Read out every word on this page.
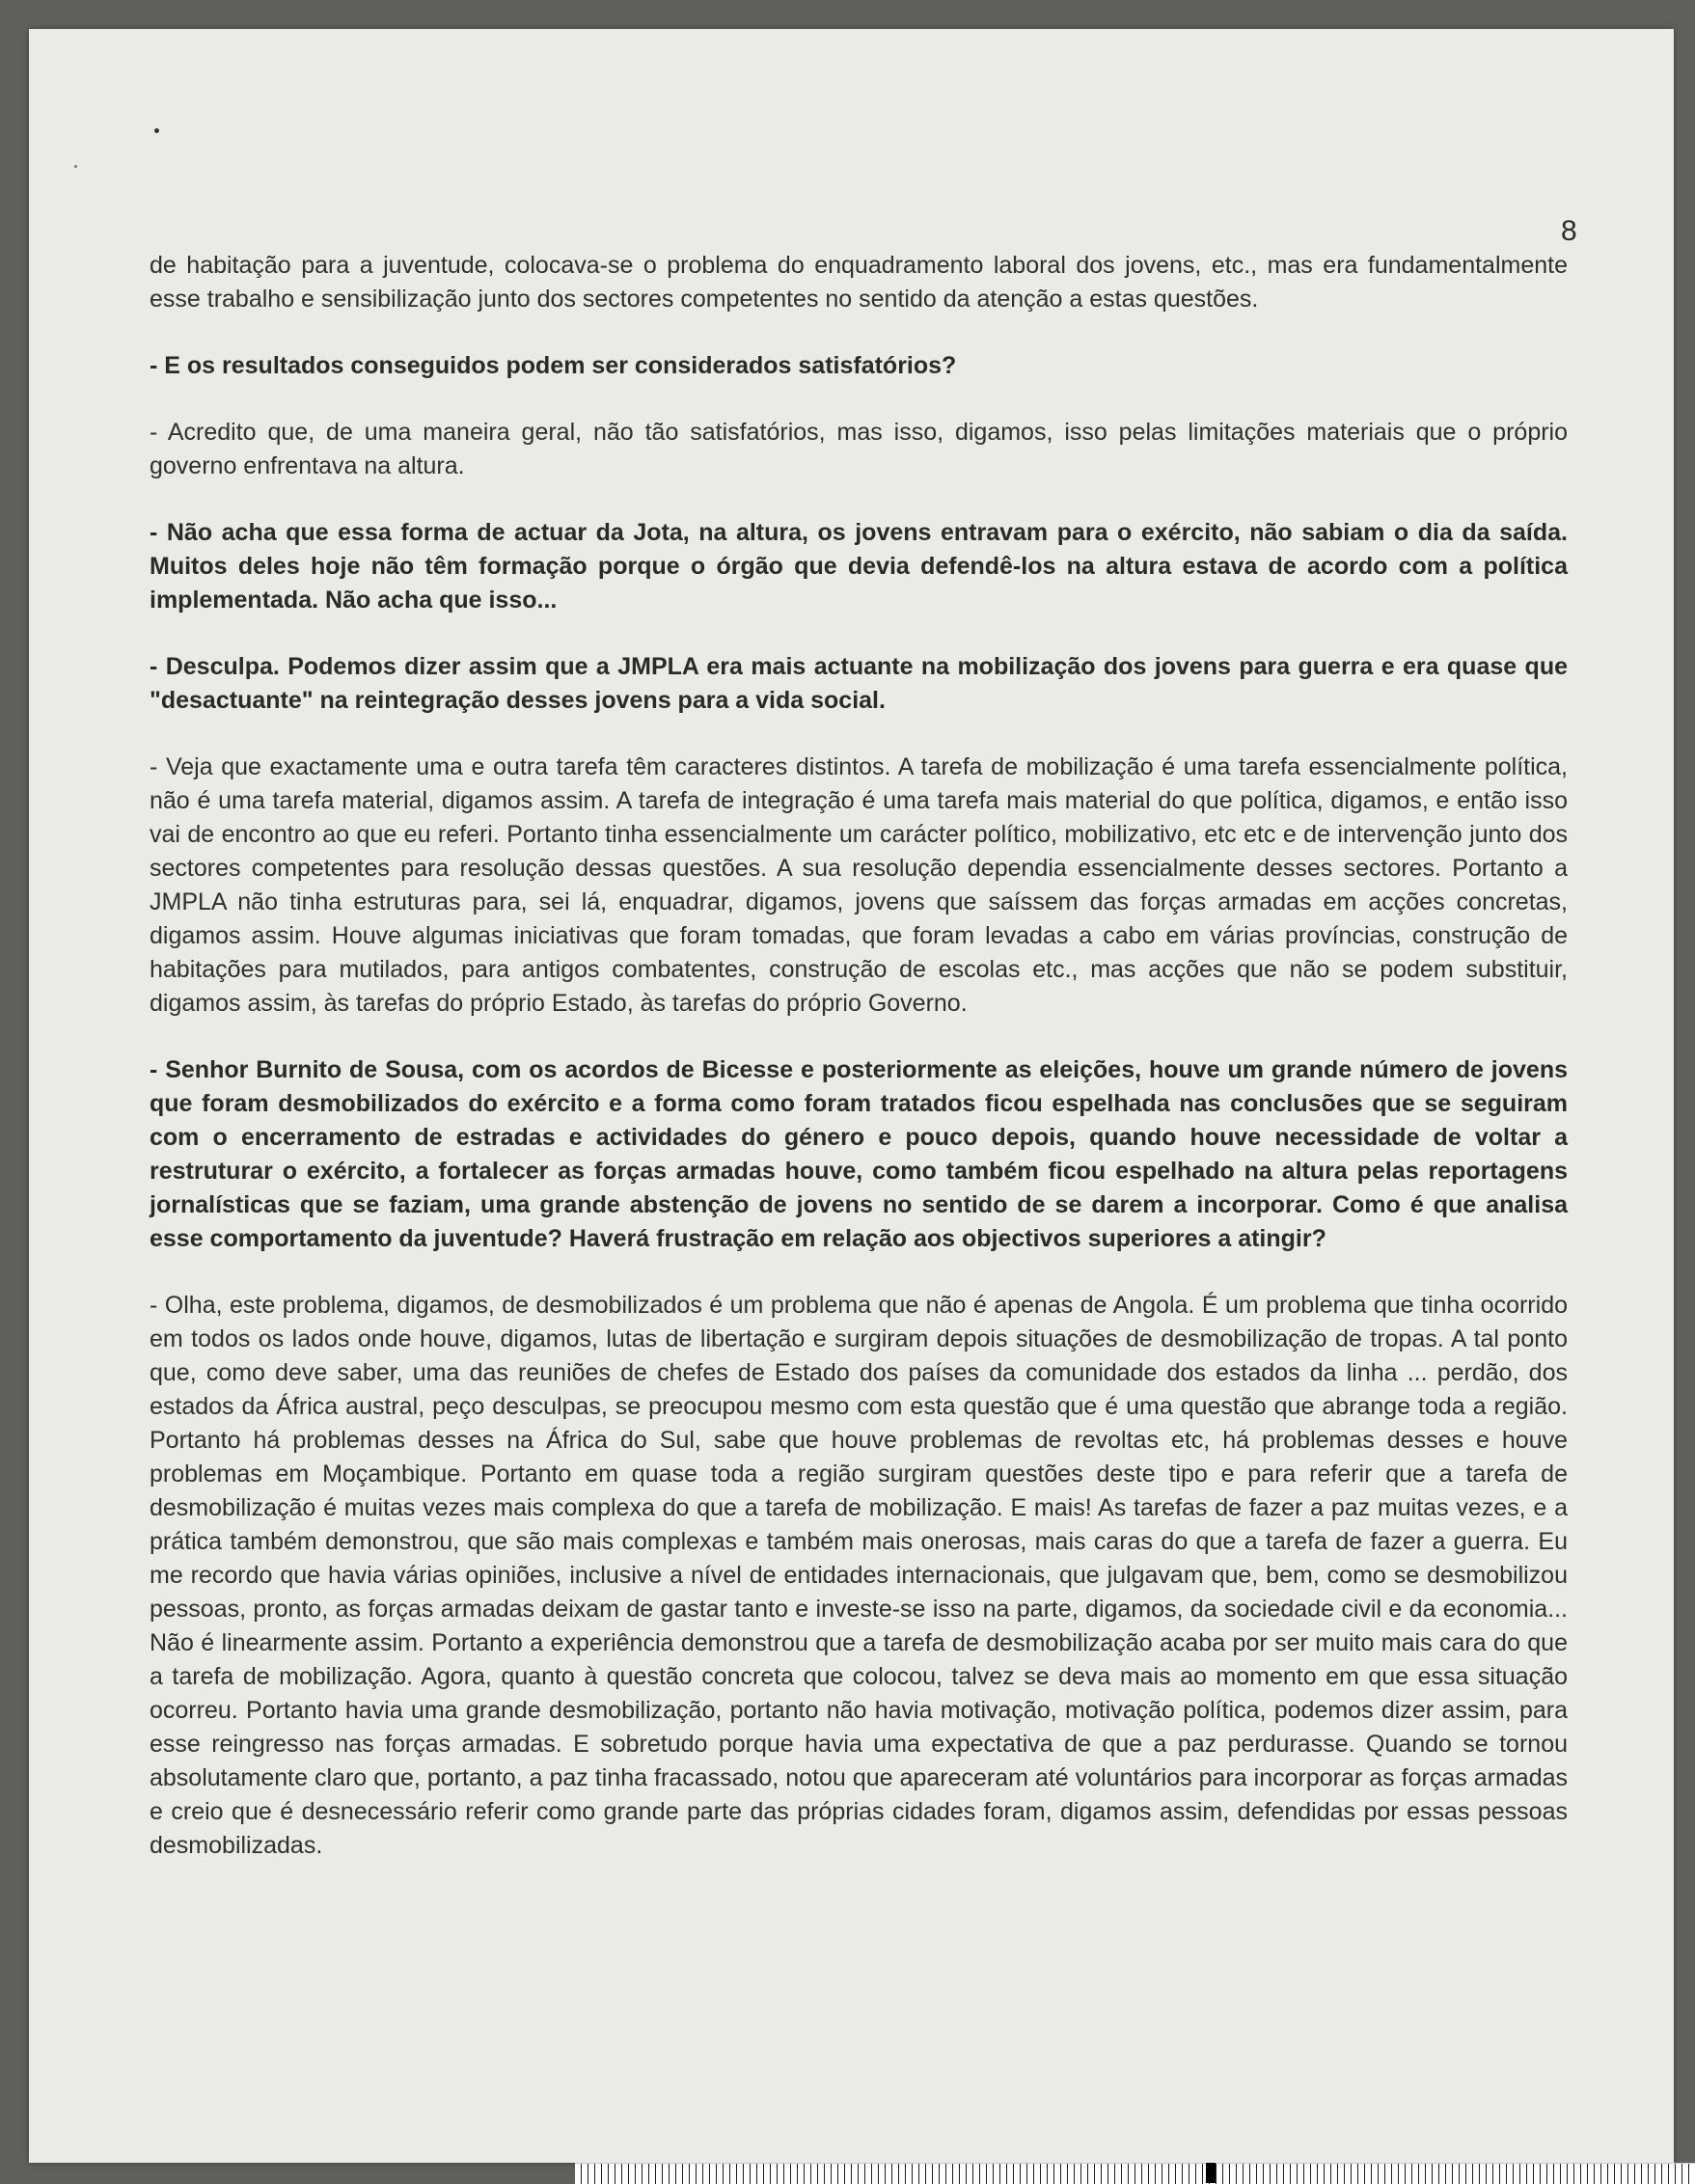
8

de habitação para a juventude, colocava-se o problema do enquadramento laboral dos jovens, etc., mas era fundamentalmente esse trabalho e sensibilização junto dos sectores competentes no sentido da atenção a estas questões.

- E os resultados conseguidos podem ser considerados satisfatórios?

- Acredito que, de uma maneira geral, não tão satisfatórios, mas isso, digamos, isso pelas limitações materiais que o próprio governo enfrentava na altura.

- Não acha que essa forma de actuar da Jota, na altura, os jovens entravam para o exército, não sabiam o dia da saída. Muitos deles hoje não têm formação porque o órgão que devia defendê-los na altura estava de acordo com a política implementada. Não acha que isso...

- Desculpa. Podemos dizer assim que a JMPLA era mais actuante na mobilização dos jovens para guerra e era quase que "desactuante" na reintegração desses jovens para a vida social.

- Veja que exactamente uma e outra tarefa têm caracteres distintos. A tarefa de mobilização é uma tarefa essencialmente política, não é uma tarefa material, digamos assim. A tarefa de integração é uma tarefa mais material do que política, digamos, e então isso vai de encontro ao que eu referi. Portanto tinha essencialmente um carácter político, mobilizativo, etc etc e de intervenção junto dos sectores competentes para resolução dessas questões. A sua resolução dependia essencialmente desses sectores. Portanto a JMPLA não tinha estruturas para, sei lá, enquadrar, digamos, jovens que saíssem das forças armadas em acções concretas, digamos assim. Houve algumas iniciativas que foram tomadas, que foram levadas a cabo em várias províncias, construção de habitações para mutilados, para antigos combatentes, construção de escolas etc., mas acções que não se podem substituir, digamos assim, às tarefas do próprio Estado, às tarefas do próprio Governo.

- Senhor Burnito de Sousa, com os acordos de Bicesse e posteriormente as eleições, houve um grande número de jovens que foram desmobilizados do exército e a forma como foram tratados ficou espelhada nas conclusões que se seguiram com o encerramento de estradas e actividades do género e pouco depois, quando houve necessidade de voltar a restruturar o exército, a fortalecer as forças armadas houve, como também ficou espelhado na altura pelas reportagens jornalísticas que se faziam, uma grande abstenção de jovens no sentido de se darem a incorporar. Como é que analisa esse comportamento da juventude? Haverá frustração em relação aos objectivos superiores a atingir?

- Olha, este problema, digamos, de desmobilizados é um problema que não é apenas de Angola. É um problema que tinha ocorrido em todos os lados onde houve, digamos, lutas de libertação e surgiram depois situações de desmobilização de tropas. A tal ponto que, como deve saber, uma das reuniões de chefes de Estado dos países da comunidade dos estados da linha ... perdão, dos estados da África austral, peço desculpas, se preocupou mesmo com esta questão que é uma questão que abrange toda a região. Portanto há problemas desses na África do Sul, sabe que houve problemas de revoltas etc, há problemas desses e houve problemas em Moçambique. Portanto em quase toda a região surgiram questões deste tipo e para referir que a tarefa de desmobilização é muitas vezes mais complexa do que a tarefa de mobilização. E mais! As tarefas de fazer a paz muitas vezes, e a prática também demonstrou, que são mais complexas e também mais onerosas, mais caras do que a tarefa de fazer a guerra. Eu me recordo que havia várias opiniões, inclusive a nível de entidades internacionais, que julgavam que, bem, como se desmobilizou pessoas, pronto, as forças armadas deixam de gastar tanto e investe-se isso na parte, digamos, da sociedade civil e da economia... Não é linearmente assim. Portanto a experiência demonstrou que a tarefa de desmobilização acaba por ser muito mais cara do que a tarefa de mobilização. Agora, quanto à questão concreta que colocou, talvez se deva mais ao momento em que essa situação ocorreu. Portanto havia uma grande desmobilização, portanto não havia motivação, motivação política, podemos dizer assim, para esse reingresso nas forças armadas. E sobretudo porque havia uma expectativa de que a paz perdurasse. Quando se tornou absolutamente claro que, portanto, a paz tinha fracassado, notou que apareceram até voluntários para incorporar as forças armadas e creio que é desnecessário referir como grande parte das próprias cidades foram, digamos assim, defendidas por essas pessoas desmobilizadas.
